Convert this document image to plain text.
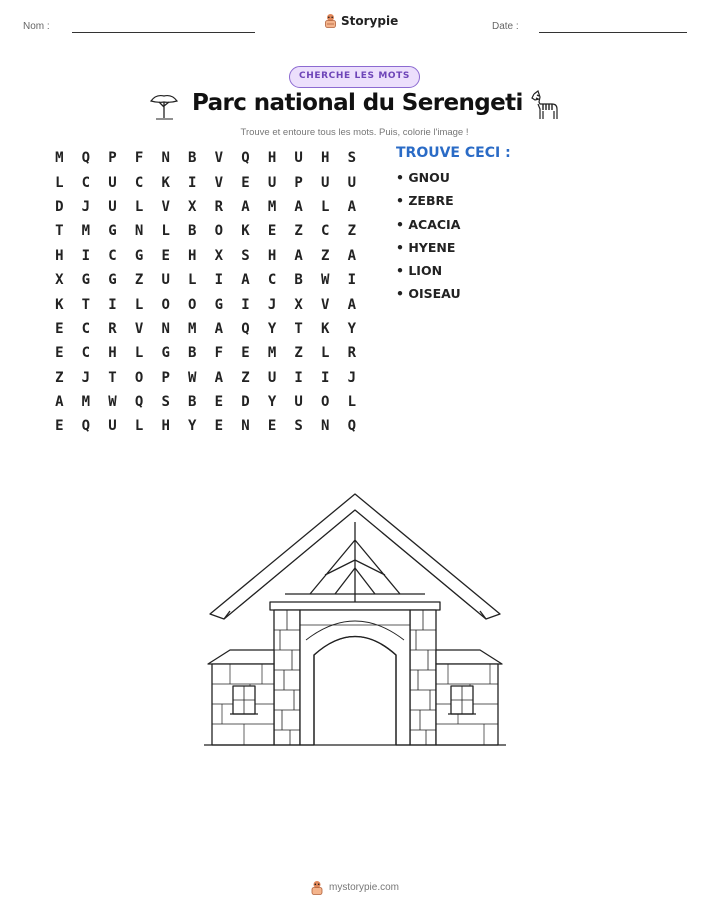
Nom :	Storypie	Date :
CHERCHE LES MOTS
Parc national du Serengeti
Trouve et entoure tous les mots. Puis, colorie l'image !
M	Q	P	F	N	B	V	Q	H	U	H	S
L	C	U	C	K	I	V	E	U	P	U	U
D	J	U	L	V	X	R	A	M	A	L	A
T	M	G	N	L	B	O	K	E	Z	C	Z
H	I	C	G	E	H	X	S	H	A	Z	A
X	G	G	Z	U	L	I	A	C	B	W	I
K	T	I	L	O	O	G	I	J	X	V	A
E	C	R	V	N	M	A	Q	Y	T	K	Y
E	C	H	L	G	B	F	E	M	Z	L	R
Z	J	T	O	P	W	A	Z	U	I	I	J
A	M	W	Q	S	B	E	D	Y	U	O	L
E	Q	U	L	H	Y	E	N	E	S	N	Q
TROUVE CECI :
• GNOU
• ZEBRE
• ACACIA
• HYENE
• LION
• OISEAU
mystorypie.com
